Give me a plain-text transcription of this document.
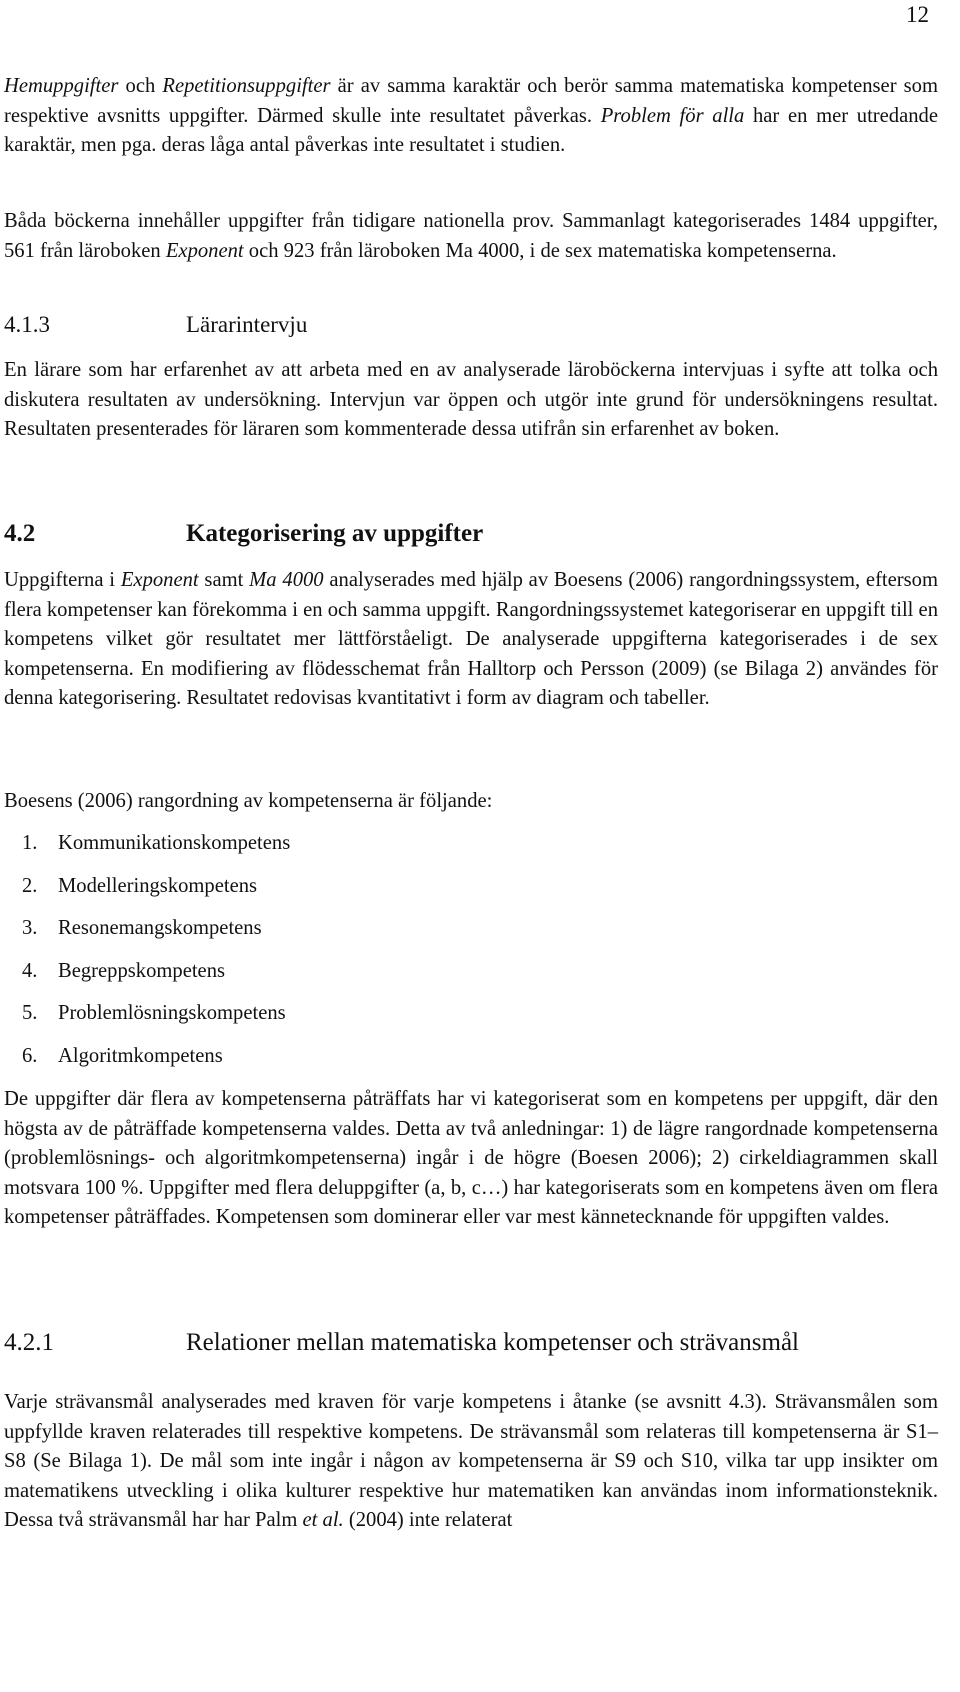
12

Hemuppgifter och Repetitionsuppgifter är av samma karaktär och berör samma matematiska kompetenser som respektive avsnitts uppgifter. Därmed skulle inte resultatet påverkas. Problem för alla har en mer utredande karaktär, men pga. deras låga antal påverkas inte resultatet i studien.

Båda böckerna innehåller uppgifter från tidigare nationella prov. Sammanlagt kategoriserades 1484 uppgifter, 561 från läroboken Exponent och 923 från läroboken Ma 4000, i de sex matematiska kompetenserna.

4.1.3	Lärarintervju

En lärare som har erfarenhet av att arbeta med en av analyserade läroböckerna intervjuas i syfte att tolka och diskutera resultaten av undersökning. Intervjun var öppen och utgör inte grund för undersökningens resultat. Resultaten presenterades för läraren som kommenterade dessa utifrån sin erfarenhet av boken.

4.2	Kategorisering av uppgifter

Uppgifterna i Exponent samt Ma 4000 analyserades med hjälp av Boesens (2006) rangordningssystem, eftersom flera kompetenser kan förekomma i en och samma uppgift. Rangordningssystemet kategoriserar en uppgift till en kompetens vilket gör resultatet mer lättförståeligt. De analyserade uppgifterna kategoriserades i de sex kompetenserna. En modifiering av flödesschemat från Halltorp och Persson (2009) (se Bilaga 2) användes för denna kategorisering. Resultatet redovisas kvantitativt i form av diagram och tabeller.

Boesens (2006) rangordning av kompetenserna är följande:

1. Kommunikationskompetens
2. Modelleringskompetens
3. Resonemangskompetens
4. Begreppskompetens
5. Problemlösningskompetens
6. Algoritmkompetens

De uppgifter där flera av kompetenserna påträffats har vi kategoriserat som en kompetens per uppgift, där den högsta av de påträffade kompetenserna valdes. Detta av två anledningar: 1) de lägre rangordnade kompetenserna (problemlösnings- och algoritmkompetenserna) ingår i de högre (Boesen 2006); 2) cirkeldiagrammen skall motsvara 100 %. Uppgifter med flera deluppgifter (a, b, c…) har kategoriserats som en kompetens även om flera kompetenser påträffades. Kompetensen som dominerar eller var mest kännetecknande för uppgiften valdes.

4.2.1	Relationer mellan matematiska kompetenser och strävansmål

Varje strävansmål analyserades med kraven för varje kompetens i åtanke (se avsnitt 4.3). Strävansmålen som uppfyllde kraven relaterades till respektive kompetens. De strävansmål som relateras till kompetenserna är S1–S8 (Se Bilaga 1). De mål som inte ingår i någon av kompetenserna är S9 och S10, vilka tar upp insikter om matematikens utveckling i olika kulturer respektive hur matematiken kan användas inom informationsteknik. Dessa två strävansmål har har Palm et al. (2004) inte relaterat
